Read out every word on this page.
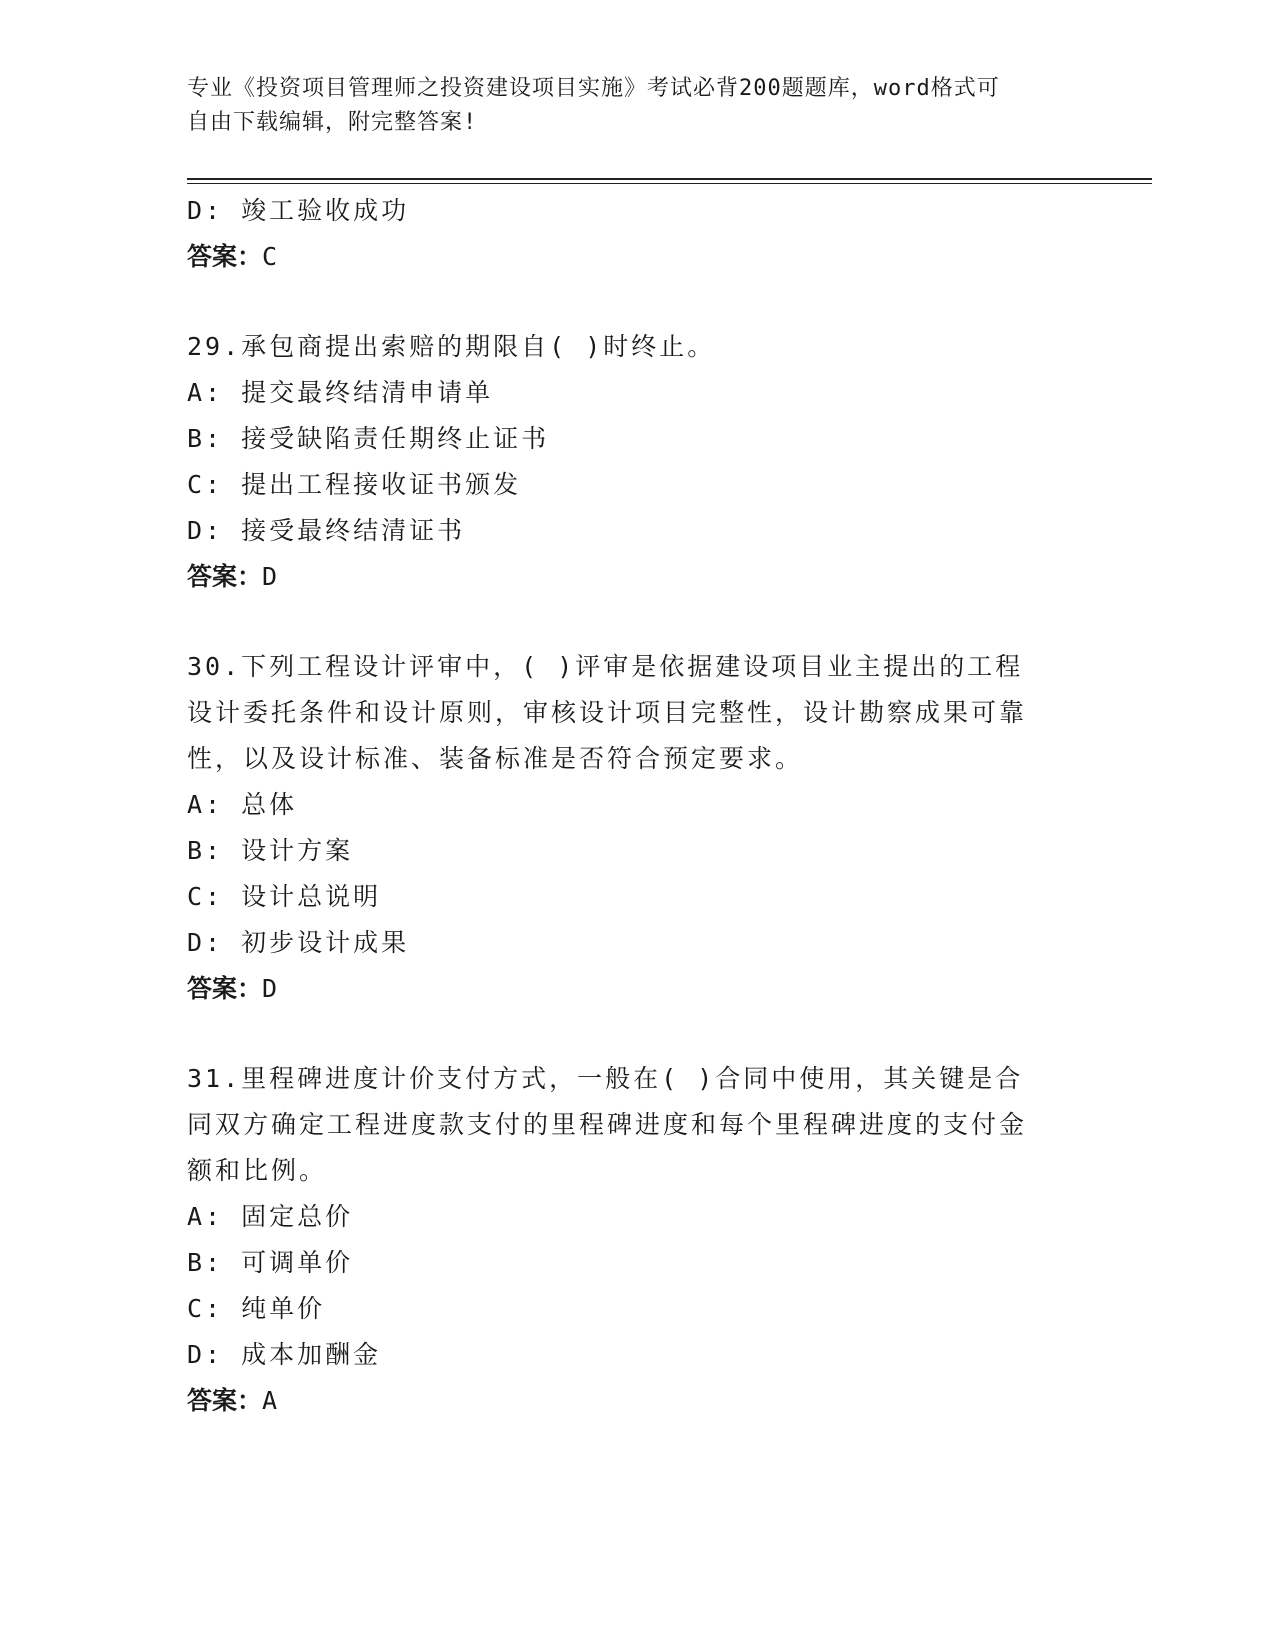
专业《投资项目管理师之投资建设项目实施》考试必背200题题库，word格式可
自由下载编辑，附完整答案!
D: 竣工验收成功
答案：C
29.承包商提出索赔的期限自( )时终止。
A: 提交最终结清申请单
B: 接受缺陷责任期终止证书
C: 提出工程接收证书颁发
D: 接受最终结清证书
答案：D
30.下列工程设计评审中，( )评审是依据建设项目业主提出的工程
设计委托条件和设计原则，审核设计项目完整性，设计勘察成果可靠
性，以及设计标准、装备标准是否符合预定要求。
A: 总体
B: 设计方案
C: 设计总说明
D: 初步设计成果
答案：D
31.里程碑进度计价支付方式，一般在( )合同中使用，其关键是合
同双方确定工程进度款支付的里程碑进度和每个里程碑进度的支付金
额和比例。
A: 固定总价
B: 可调单价
C: 纯单价
D: 成本加酬金
答案：A
